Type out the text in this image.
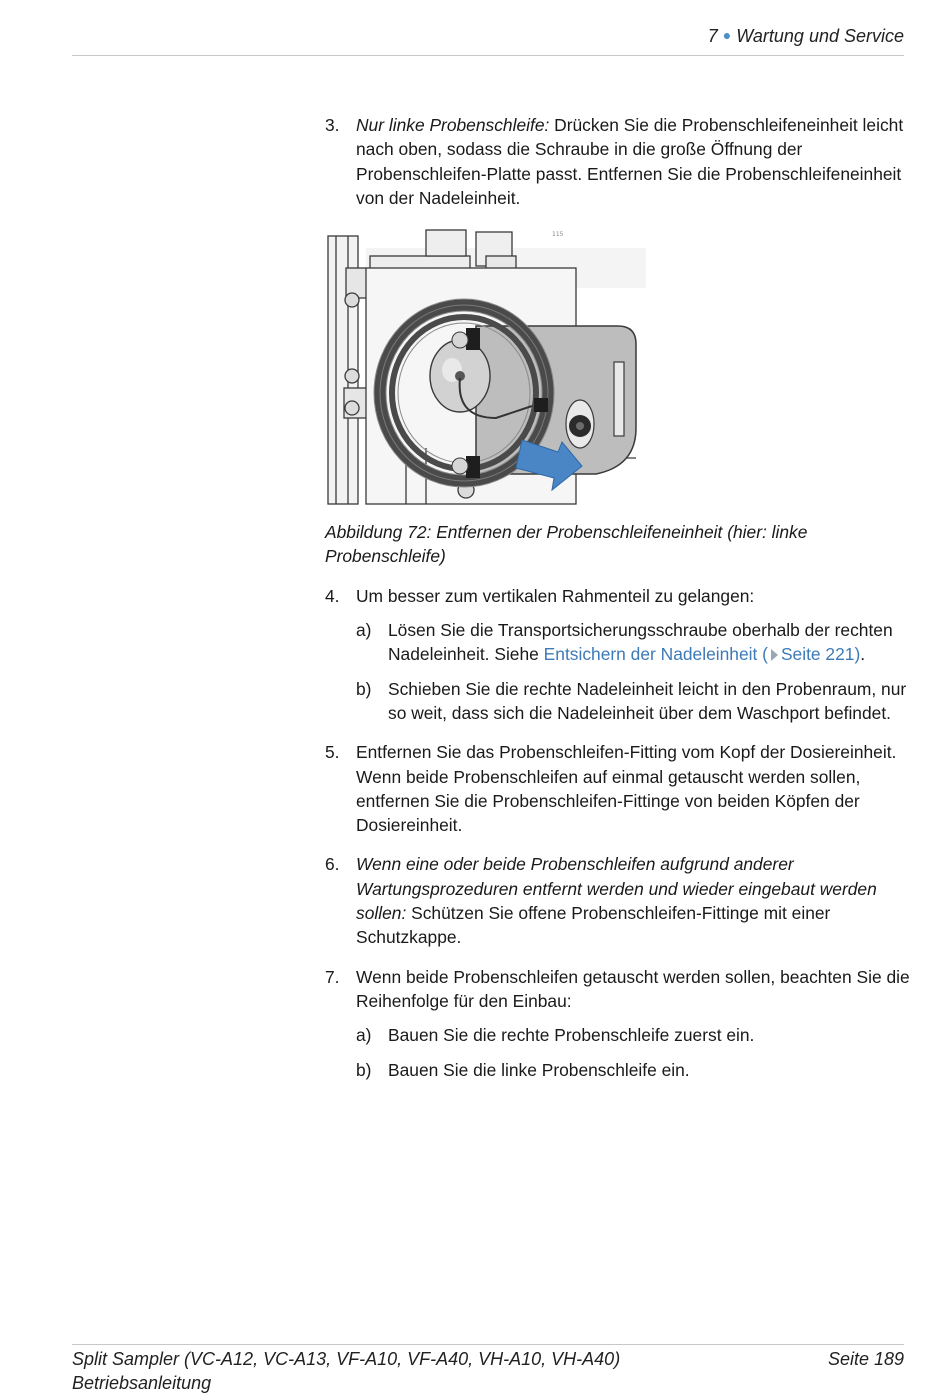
7 ● Wartung und Service
3. Nur linke Probenschleife: Drücken Sie die Probenschleifeneinheit leicht nach oben, sodass die Schraube in die große Öffnung der Probenschleifen-Platte passt. Entfernen Sie die Probenschleifeneinheit von der Nadeleinheit.
115
Abbildung 72: Entfernen der Probenschleifeneinheit (hier: linke Probenschleife)
4. Um besser zum vertikalen Rahmenteil zu gelangen:
a) Lösen Sie die Transportsicherungsschraube oberhalb der rechten Nadeleinheit. Siehe Entsichern der Nadeleinheit ( Seite 221).
b) Schieben Sie die rechte Nadeleinheit leicht in den Probenraum, nur so weit, dass sich die Nadeleinheit über dem Waschport befindet.
5. Entfernen Sie das Probenschleifen-Fitting vom Kopf der Dosiereinheit.
Wenn beide Probenschleifen auf einmal getauscht werden sollen, entfernen Sie die Probenschleifen-Fittinge von beiden Köpfen der Dosiereinheit.
6. Wenn eine oder beide Probenschleifen aufgrund anderer Wartungsprozeduren entfernt werden und wieder eingebaut werden sollen: Schützen Sie offene Probenschleifen-Fittinge mit einer Schutzkappe.
7. Wenn beide Probenschleifen getauscht werden sollen, beachten Sie die Reihenfolge für den Einbau:
a) Bauen Sie die rechte Probenschleife zuerst ein.
b) Bauen Sie die linke Probenschleife ein.
Split Sampler (VC-A12, VC-A13, VF-A10, VF-A40, VH-A10, VH-A40)
Betriebsanleitung
Seite 189
